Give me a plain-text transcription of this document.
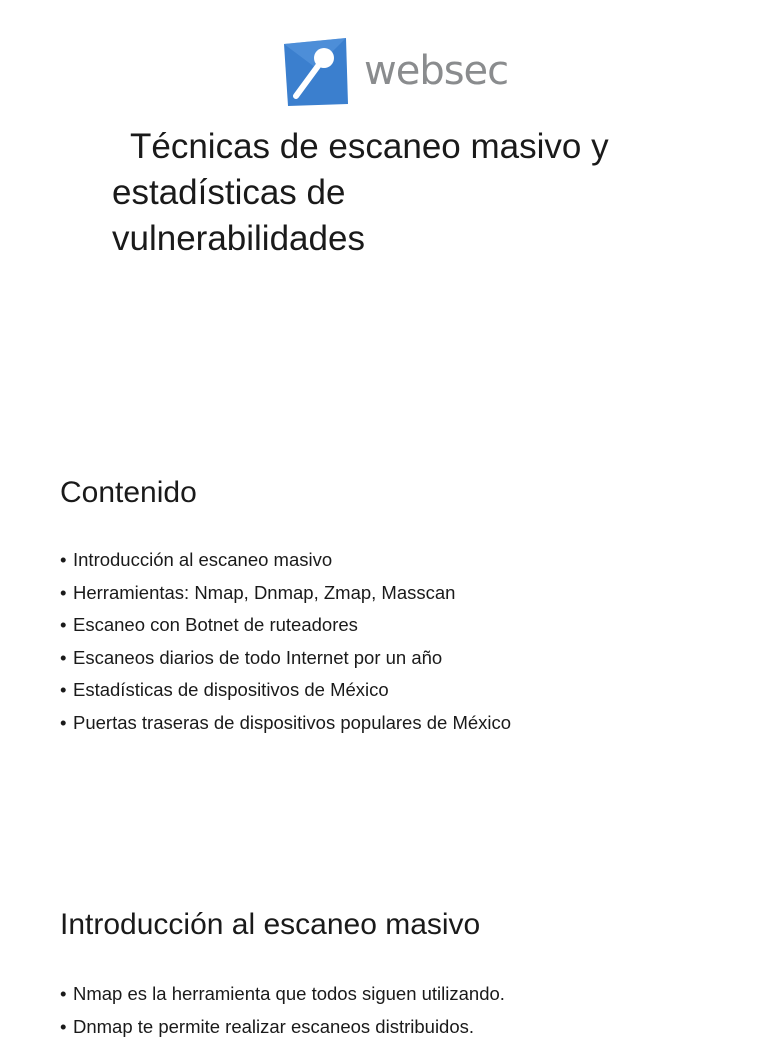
websec
Técnicas de escaneo masivo y
estadísticas de
vulnerabilidades
Contenido
• Introducción al escaneo masivo
• Herramientas: Nmap, Dnmap, Zmap, Masscan
• Escaneo con Botnet de ruteadores
• Escaneos diarios de todo Internet por un año
• Estadísticas de dispositivos de México
• Puertas traseras de dispositivos populares de México
Introducción al escaneo masivo
• Nmap es la herramienta que todos siguen utilizando.
• Dnmap te permite realizar escaneos distribuidos.
